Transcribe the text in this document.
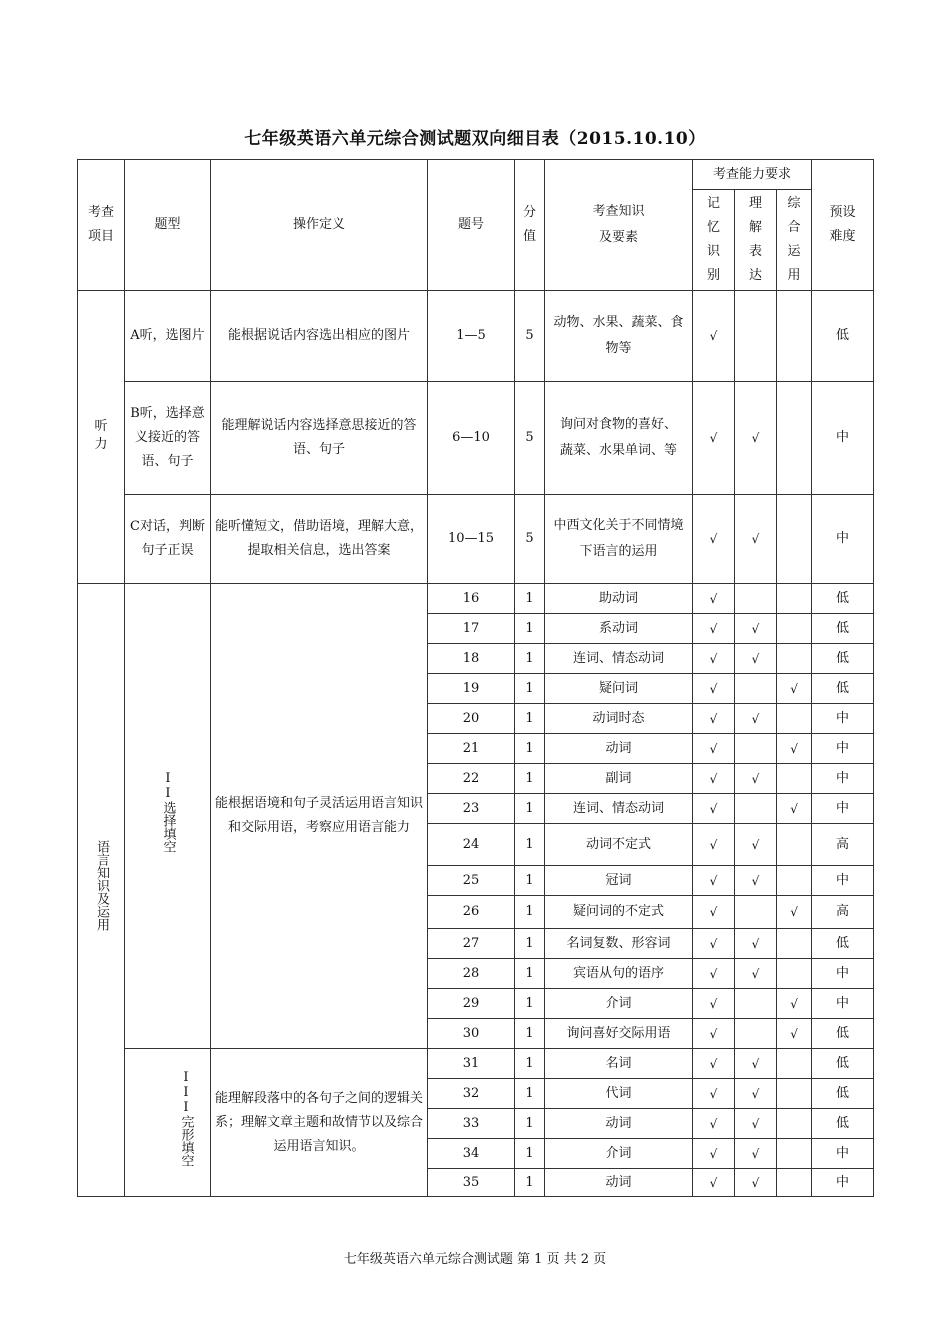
七年级英语六单元综合测试题双向细目表（2015.10.10）
考查项目	题型	操作定义	题号	分值	考查知识及要素	考查能力要求			预设难度
						记忆识别	理解表达	综合运用	
听力	A听，选图片	能根据说话内容选出相应的图片	1—5	5	动物、水果、蔬菜、食物等	√			低
	B听，选择意义接近的答语、句子	能理解说话内容选择意思接近的答语、句子	6—10	5	询问对食物的喜好、 蔬菜、水果单词、等	√	√		中
	C对话，判断句子正误	能听懂短文，借助语境，理解大意，提取相关信息，选出答案	10—15	5	中西文化关于不同情境下语言的运用	√	√		中
语言知识及运用	II选择填空	能根据语境和句子灵活运用语言知识和交际用语，考察应用语言能力	16	1	助动词	√			低
			17	1	系动词	√	√		低
			18	1	连词、情态动词	√	√		低
			19	1	疑问词	√		√	低
			20	1	动词时态	√	√		中
			21	1	动词	√		√	中
			22	1	副词	√	√		中
			23	1	连词、情态动词	√		√	中
			24	1	动词不定式	√	√		高
			25	1	冠词	√	√		中
			26	1	疑问词的不定式	√		√	高
			27	1	名词复数、形容词	√	√		低
			28	1	宾语从句的语序	√	√		中
			29	1	介词	√		√	中
			30	1	询问喜好交际用语	√		√	低
	III完形填空	能理解段落中的各句子之间的逻辑关系；理解文章主题和故情节以及综合运用语言知识。	31	1	名词	√	√		低
			32	1	代词	√	√		低
			33	1	动词	√	√		低
			34	1	介词	√	√		中
			35	1	动词	√	√		中
七年级英语六单元综合测试题 第 1 页 共 2 页
